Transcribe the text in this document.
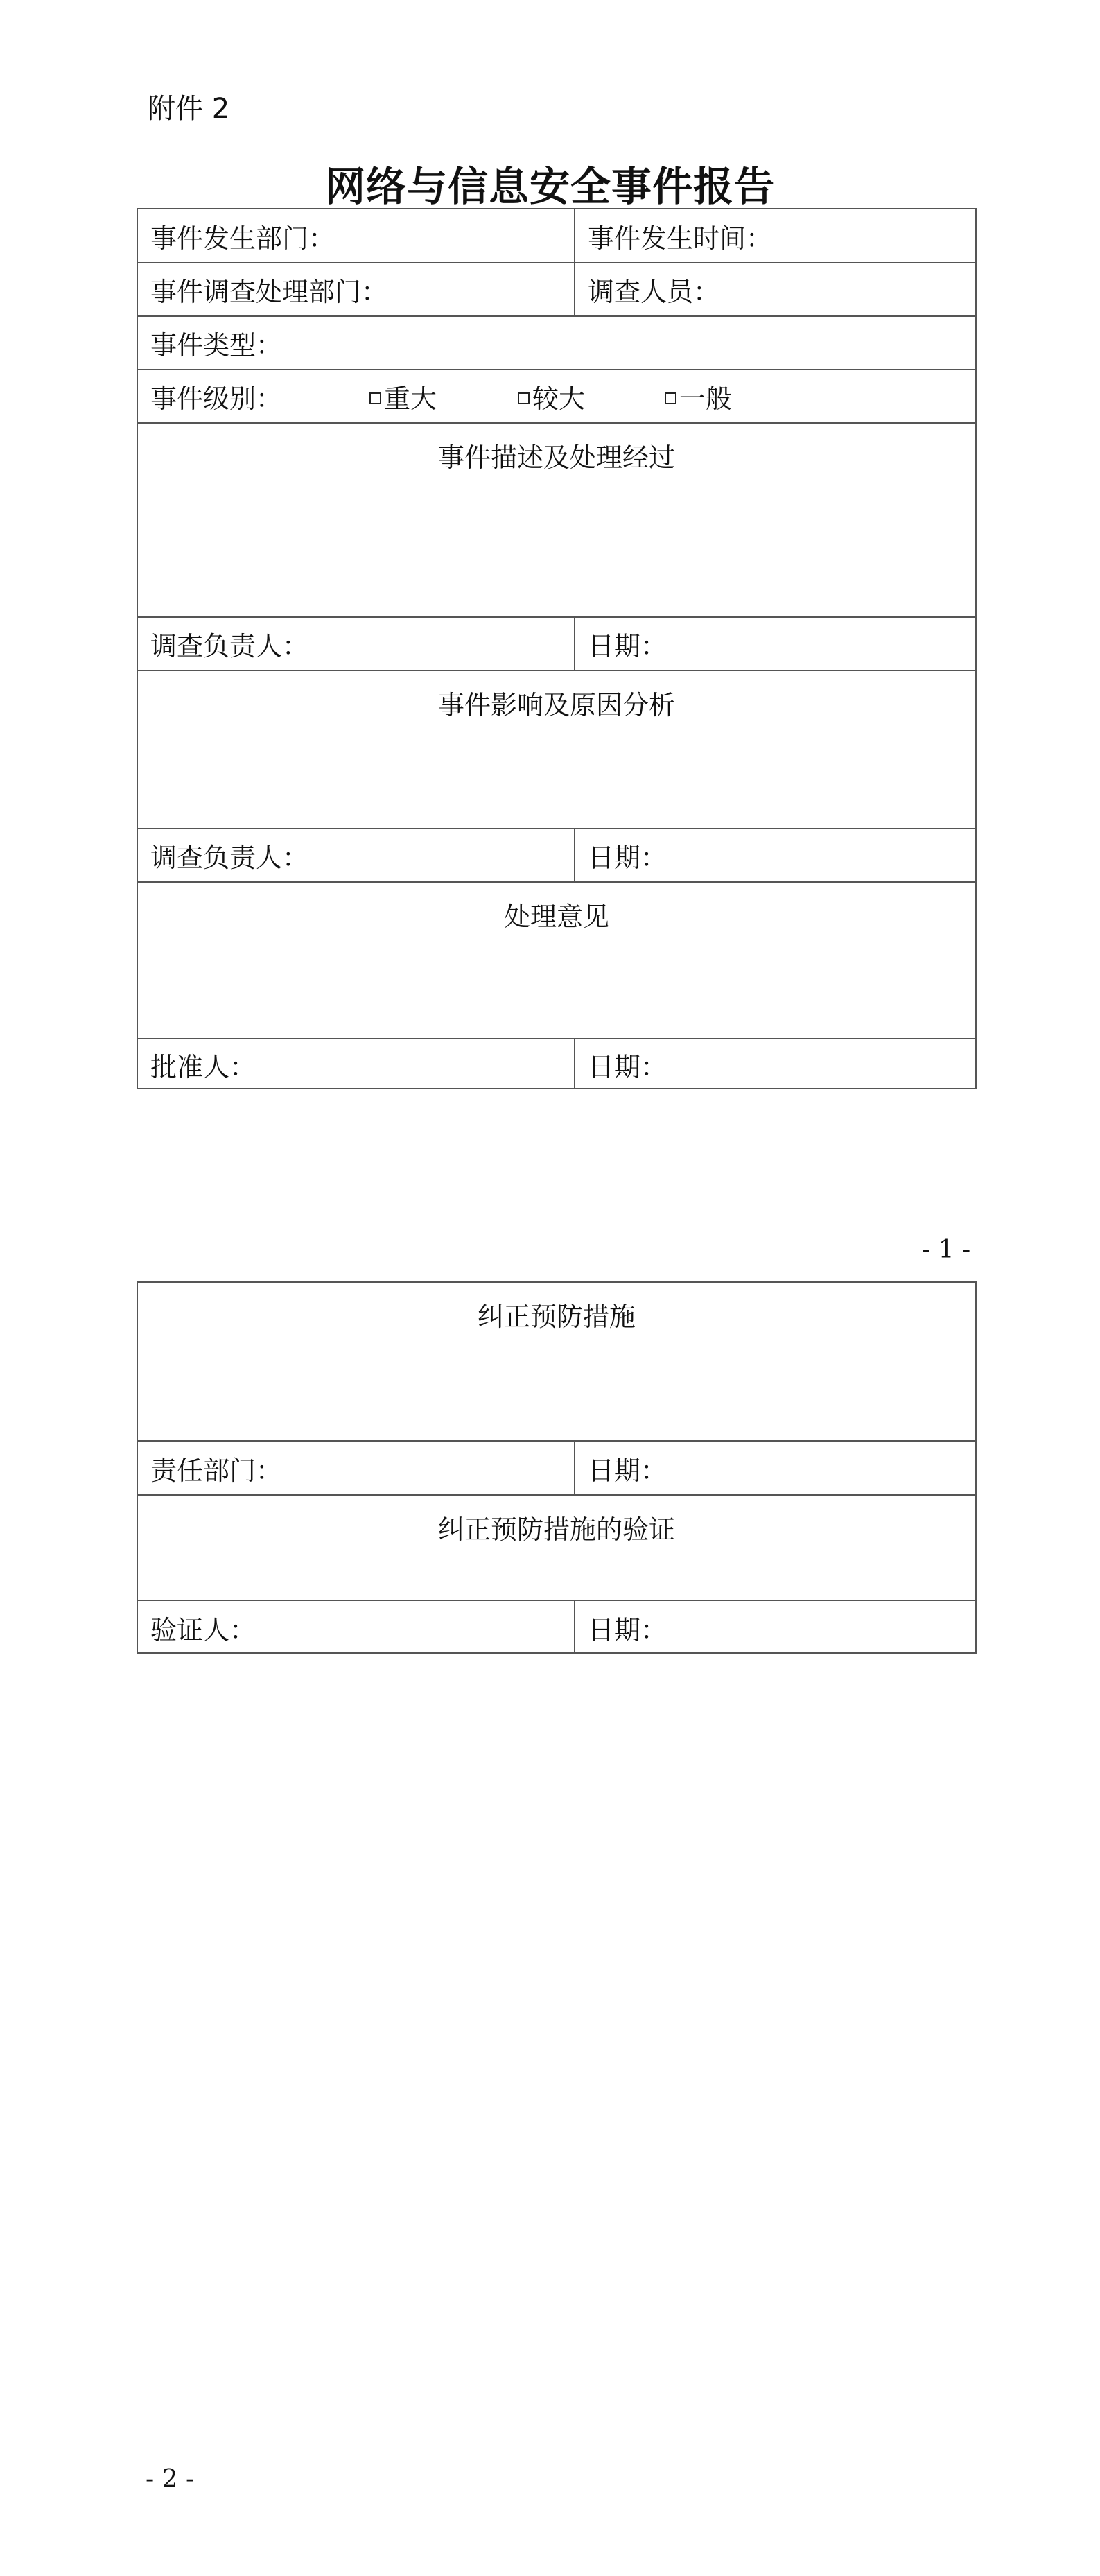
附件 2
网络与信息安全事件报告
事件发生部门：	事件发生时间：
事件调查处理部门：	调查人员：
事件类型：
事件级别：	重大	较大	一般
事件描述及处理经过
调查负责人：	日期：
事件影响及原因分析
调查负责人：	日期：
处理意见
批准人：	日期：
- 1 -
纠正预防措施
责任部门：	日期：
纠正预防措施的验证
验证人：	日期：
- 2 -
